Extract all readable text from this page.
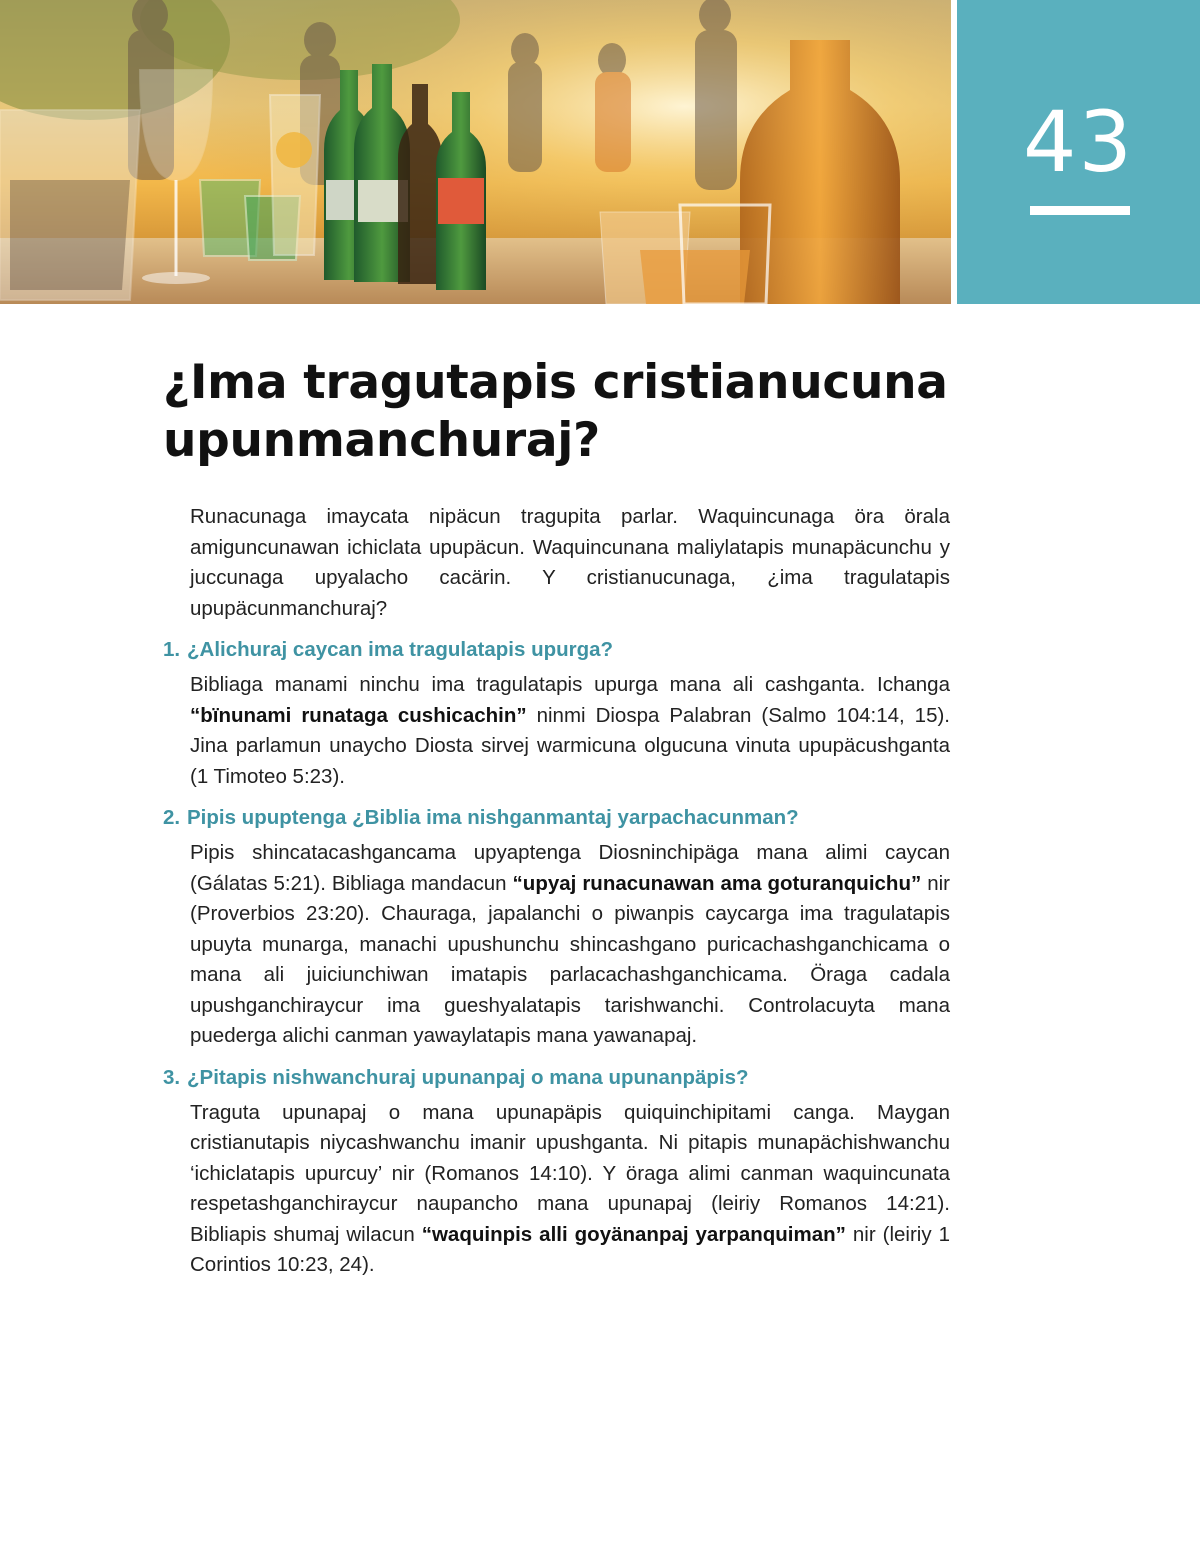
43
¿Ima tragutapis cristianucuna upunmanchuraj?

Runacunaga imaycata nipäcun tragupita parlar. Waquincunaga öra örala amiguncunawan ichiclata upupäcun. Waquincunana maliylatapis munapäcunchu y juccunaga upyalacho cacärin. Y cristianucunaga, ¿ima tragulatapis upupäcunmanchuraj?

1. ¿Alichuraj caycan ima tragulatapis upurga?

Bibliaga manami ninchu ima tragulatapis upurga mana ali cashganta. Ichanga “bïnunami runataga cushicachin” ninmi Diospa Palabran (Salmo 104:14, 15). Jina parlamun unaycho Diosta sirvej warmicuna olgucuna vinuta upupäcushganta (1 Timoteo 5:23).

2. Pipis upuptenga ¿Biblia ima nishganmantaj yarpachacunman?

Pipis shincatacashgancama upyaptenga Diosninchipäga mana alimi caycan (Gálatas 5:21). Bibliaga mandacun “upyaj runacunawan ama goturanquichu” nir (Proverbios 23:20). Chauraga, japalanchi o piwanpis caycarga ima tragulatapis upuyta munarga, manachi upushunchu shincashgano puricachashganchicama o mana ali juiciunchiwan imatapis parlacachashganchicama. Öraga cadala upushganchiraycur ima gueshyalatapis tarishwanchi. Controlacuyta mana puederga alichi canman yawaylatapis mana yawanapaj.

3. ¿Pitapis nishwanchuraj upunanpaj o mana upunanpäpis?

Traguta upunapaj o mana upunapäpis quiquinchipitami canga. Maygan cristianutapis niycashwanchu imanir upushganta. Ni pitapis munapächishwanchu ‘ichiclatapis upurcuy’ nir (Romanos 14:10). Y öraga alimi canman waquincunata respetashganchiraycur naupancho mana upunapaj (leiriy Romanos 14:21). Bibliapis shumaj wilacun “waquinpis alli goyänanpaj yarpanquiman” nir (leiriy 1 Corintios 10:23, 24).
